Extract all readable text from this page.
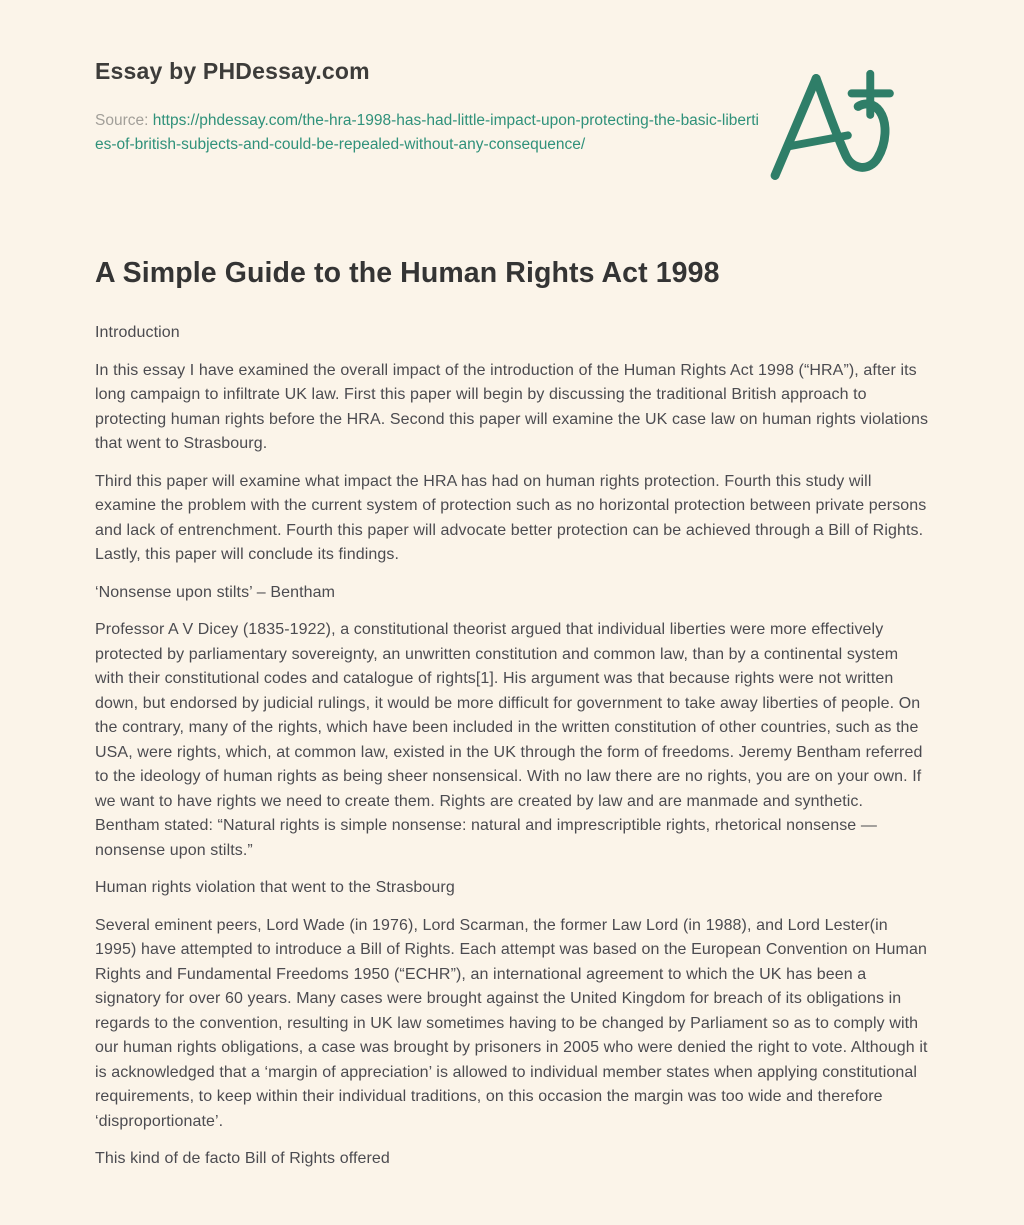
Essay by PHDessay.com

Source: https://phdessay.com/the-hra-1998-has-had-little-impact-upon-protecting-the-basic-liberties-of-british-subjects-and-could-be-repealed-without-any-consequence/

A Simple Guide to the Human Rights Act 1998

Introduction

In this essay I have examined the overall impact of the introduction of the Human Rights Act 1998 (“HRA”), after its long campaign to infiltrate UK law. First this paper will begin by discussing the traditional British approach to protecting human rights before the HRA. Second this paper will examine the UK case law on human rights violations that went to Strasbourg.

Third this paper will examine what impact the HRA has had on human rights protection. Fourth this study will examine the problem with the current system of protection such as no horizontal protection between private persons and lack of entrenchment. Fourth this paper will advocate better protection can be achieved through a Bill of Rights. Lastly, this paper will conclude its findings.

‘Nonsense upon stilts’ – Bentham

Professor A V Dicey (1835-1922), a constitutional theorist argued that individual liberties were more effectively protected by parliamentary sovereignty, an unwritten constitution and common law, than by a continental system with their constitutional codes and catalogue of rights[1]. His argument was that because rights were not written down, but endorsed by judicial rulings, it would be more difficult for government to take away liberties of people. On the contrary, many of the rights, which have been included in the written constitution of other countries, such as the USA, were rights, which, at common law, existed in the UK through the form of freedoms. Jeremy Bentham referred to the ideology of human rights as being sheer nonsensical. With no law there are no rights, you are on your own. If we want to have rights we need to create them. Rights are created by law and are manmade and synthetic. Bentham stated: “Natural rights is simple nonsense: natural and imprescriptible rights, rhetorical nonsense — nonsense upon stilts.”

Human rights violation that went to the Strasbourg

Several eminent peers, Lord Wade (in 1976), Lord Scarman, the former Law Lord (in 1988), and Lord Lester(in 1995) have attempted to introduce a Bill of Rights. Each attempt was based on the European Convention on Human Rights and Fundamental Freedoms 1950 (“ECHR”), an international agreement to which the UK has been a signatory for over 60 years. Many cases were brought against the United Kingdom for breach of its obligations in regards to the convention, resulting in UK law sometimes having to be changed by Parliament so as to comply with our human rights obligations, a case was brought by prisoners in 2005 who were denied the right to vote. Although it is acknowledged that a ‘margin of appreciation’ is allowed to individual member states when applying constitutional requirements, to keep within their individual traditions, on this occasion the margin was too wide and therefore ‘disproportionate’.

This kind of de facto Bill of Rights offered
